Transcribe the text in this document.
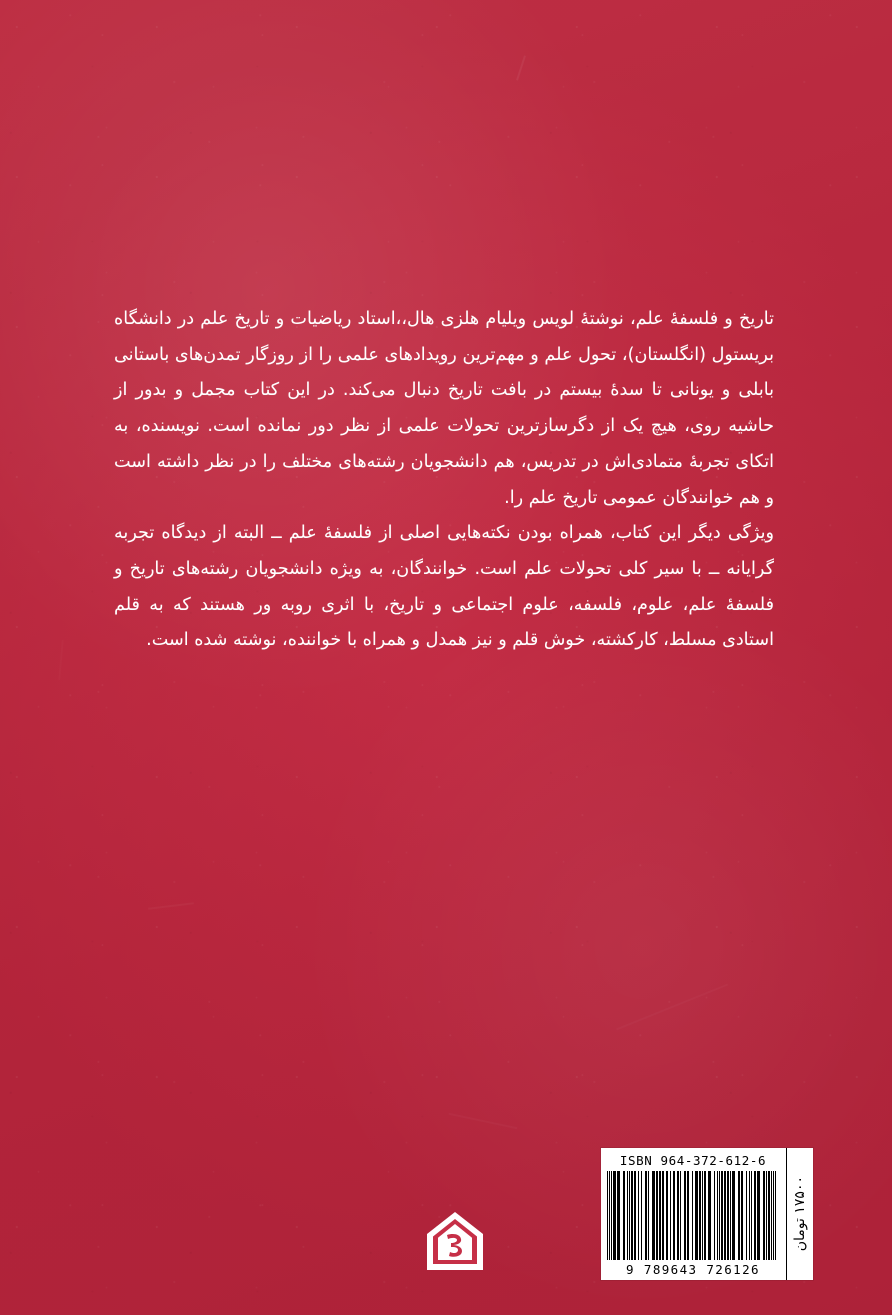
تاریخ و فلسفهٔ علم، نوشتهٔ لویس ویلیام هلزی هال،،استاد ریاضیات و تاریخ علم در دانشگاه بریستول (انگلستان)، تحول علم و مهم‌ترین رویدادهای علمی را از روزگار تمدن‌های باستانی بابلی و یونانی تا سدهٔ بیستم در بافت تاریخ دنبال می‌کند. در این کتاب مجمل و بدور از حاشیه روی، هیچ یک از دگرسازترین تحولات علمی از نظر دور نمانده است. نویسنده، به اتکای تجربهٔ متمادی‌اش در تدریس، هم دانشجویان رشته‌های مختلف را در نظر داشته است و هم خوانندگان عمومی تاریخ علم را.

ویژگی دیگر این کتاب، همراه بودن نکته‌هایی اصلی از فلسفهٔ علم ــ البته از دیدگاه تجربه گرایانه ــ با سیر کلی تحولات علم است. خوانندگان، به ویژه دانشجویان رشته‌های تاریخ و فلسفهٔ علم، علوم، فلسفه، علوم اجتماعی و تاریخ، با اثری روبه ور هستند که به قلم استادی مسلط، کارکشته، خوش قلم و نیز همدل و همراه با خواننده، نوشته شده است.

۱۷۵۰۰ تومان
ISBN 964-372-612-6
9 789643 726126
